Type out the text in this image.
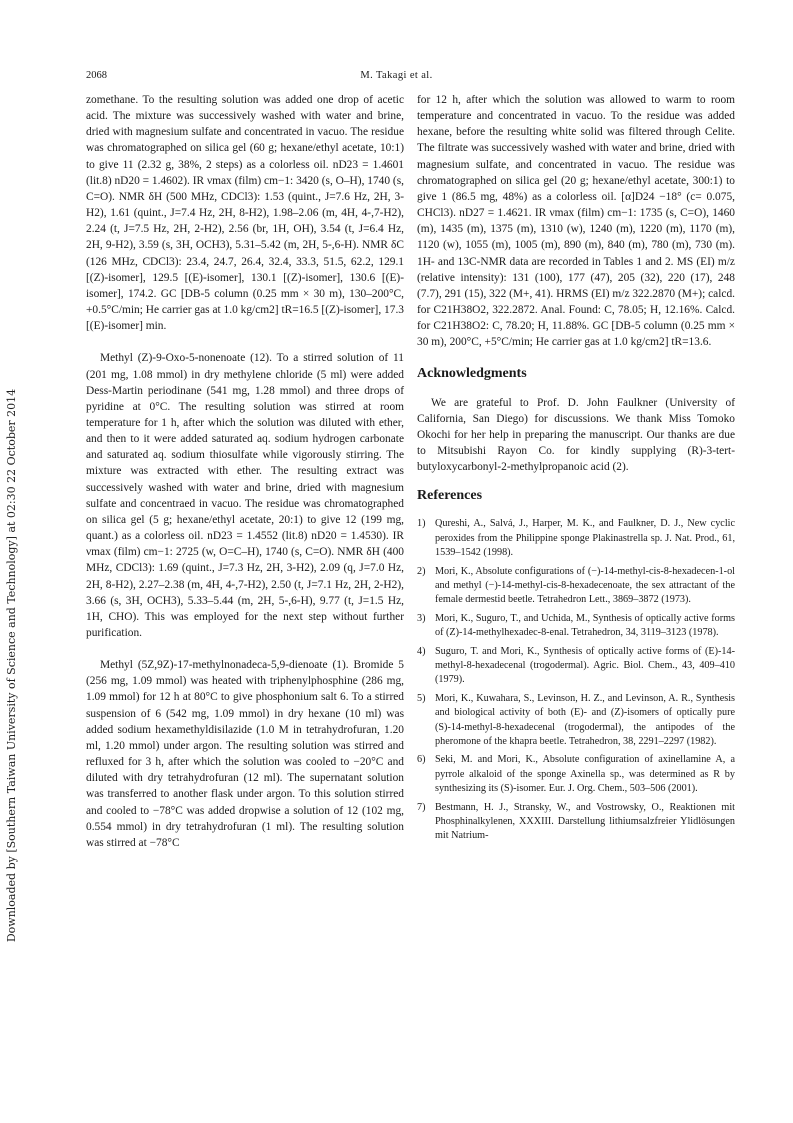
2068	M. Takagi et al.
Downloaded by [Southern Taiwan University of Science and Technology] at 02:30 22 October 2014

zomethane. To the resulting solution was added one drop of acetic acid. The mixture was successively washed with water and brine, dried with magnesium sulfate and concentrated in vacuo. The residue was chromatographed on silica gel (60 g; hexane/ethyl acetate, 10:1) to give 11 (2.32 g, 38%, 2 steps) as a colorless oil. nD23 = 1.4601 (lit.8) nD20 = 1.4602). IR νmax (film) cm−1: 3420 (s, O–H), 1740 (s, C=O). NMR δH (500 MHz, CDCl3): 1.53 (quint., J=7.6 Hz, 2H, 3-H2), 1.61 (quint., J=7.4 Hz, 2H, 8-H2), 1.98–2.06 (m, 4H, 4-,7-H2), 2.24 (t, J=7.5 Hz, 2H, 2-H2), 2.56 (br, 1H, OH), 3.54 (t, J=6.4 Hz, 2H, 9-H2), 3.59 (s, 3H, OCH3), 5.31–5.42 (m, 2H, 5-,6-H). NMR δC (126 MHz, CDCl3): 23.4, 24.7, 26.4, 32.4, 33.3, 51.5, 62.2, 129.1 [(Z)-isomer], 129.5 [(E)-isomer], 130.1 [(Z)-isomer], 130.6 [(E)-isomer], 174.2. GC [DB-5 column (0.25 mm × 30 m), 130–200°C, +0.5°C/min; He carrier gas at 1.0 kg/cm2] tR=16.5 [(Z)-isomer], 17.3 [(E)-isomer] min.

Methyl (Z)-9-Oxo-5-nonenoate (12). To a stirred solution of 11 (201 mg, 1.08 mmol) in dry methylene chloride (5 ml) were added Dess-Martin periodinane (541 mg, 1.28 mmol) and three drops of pyridine at 0°C. The resulting solution was stirred at room temperature for 1 h, after which the solution was diluted with ether, and then to it were added saturated aq. sodium hydrogen carbonate and saturated aq. sodium thiosulfate while vigorously stirring. The mixture was extracted with ether. The resulting extract was successively washed with water and brine, dried with magnesium sulfate and concentraed in vacuo. The residue was chromatographed on silica gel (5 g; hexane/ethyl acetate, 20:1) to give 12 (199 mg, quant.) as a colorless oil. nD23 = 1.4552 (lit.8) nD20 = 1.4530). IR νmax (film) cm−1: 2725 (w, O=C–H), 1740 (s, C=O). NMR δH (400 MHz, CDCl3): 1.69 (quint., J=7.3 Hz, 2H, 3-H2), 2.09 (q, J=7.0 Hz, 2H, 8-H2), 2.27–2.38 (m, 4H, 4-,7-H2), 2.50 (t, J=7.1 Hz, 2H, 2-H2), 3.66 (s, 3H, OCH3), 5.33–5.44 (m, 2H, 5-,6-H), 9.77 (t, J=1.5 Hz, 1H, CHO). This was employed for the next step without further purification.

Methyl (5Z,9Z)-17-methylnonadeca-5,9-dienoate (1). Bromide 5 (256 mg, 1.09 mmol) was heated with triphenylphosphine (286 mg, 1.09 mmol) for 12 h at 80°C to give phosphonium salt 6. To a stirred suspension of 6 (542 mg, 1.09 mmol) in dry hexane (10 ml) was added sodium hexamethyldisilazide (1.0 M in tetrahydrofuran, 1.20 ml, 1.20 mmol) under argon. The resulting solution was stirred and refluxed for 3 h, after which the solution was cooled to −20°C and diluted with dry tetrahydrofuran (12 ml). The supernatant solution was transferred to another flask under argon. To this solution stirred and cooled to −78°C was added dropwise a solution of 12 (102 mg, 0.554 mmol) in dry tetrahydrofuran (1 ml). The resulting solution was stirred at −78°C

for 12 h, after which the solution was allowed to warm to room temperature and concentrated in vacuo. To the residue was added hexane, before the resulting white solid was filtered through Celite. The filtrate was successively washed with water and brine, dried with magnesium sulfate, and concentrated in vacuo. The residue was chromatographed on silica gel (20 g; hexane/ethyl acetate, 300:1) to give 1 (86.5 mg, 48%) as a colorless oil. [α]D24 −18° (c= 0.075, CHCl3). nD27 = 1.4621. IR νmax (film) cm−1: 1735 (s, C=O), 1460 (m), 1435 (m), 1375 (m), 1310 (w), 1240 (m), 1220 (m), 1170 (m), 1120 (w), 1055 (m), 1005 (m), 890 (m), 840 (m), 780 (m), 730 (m). 1H- and 13C-NMR data are recorded in Tables 1 and 2. MS (EI) m/z (relative intensity): 131 (100), 177 (47), 205 (32), 220 (17), 248 (7.7), 291 (15), 322 (M+, 41). HRMS (EI) m/z 322.2870 (M+); calcd. for C21H38O2, 322.2872. Anal. Found: C, 78.05; H, 12.16%. Calcd. for C21H38O2: C, 78.20; H, 11.88%. GC [DB-5 column (0.25 mm × 30 m), 200°C, +5°C/min; He carrier gas at 1.0 kg/cm2] tR=13.6.

Acknowledgments

We are grateful to Prof. D. John Faulkner (University of California, San Diego) for discussions. We thank Miss Tomoko Okochi for her help in preparing the manuscript. Our thanks are due to Mitsubishi Rayon Co. for kindly supplying (R)-3-tert-butyloxycarbonyl-2-methylpropanoic acid (2).

References
1) Qureshi, A., Salvá, J., Harper, M. K., and Faulkner, D. J., New cyclic peroxides from the Philippine sponge Plakinastrella sp. J. Nat. Prod., 61, 1539–1542 (1998).
2) Mori, K., Absolute configurations of (−)-14-methyl-cis-8-hexadecen-1-ol and methyl (−)-14-methyl-cis-8-hexadecenoate, the sex attractant of the female dermestid beetle. Tetrahedron Lett., 3869–3872 (1973).
3) Mori, K., Suguro, T., and Uchida, M., Synthesis of optically active forms of (Z)-14-methylhexadec-8-enal. Tetrahedron, 34, 3119–3123 (1978).
4) Suguro, T. and Mori, K., Synthesis of optically active forms of (E)-14-methyl-8-hexadecenal (trogodermal). Agric. Biol. Chem., 43, 409–410 (1979).
5) Mori, K., Kuwahara, S., Levinson, H. Z., and Levinson, A. R., Synthesis and biological activity of both (E)- and (Z)-isomers of optically pure (S)-14-methyl-8-hexadecenal (trogodermal), the antipodes of the pheromone of the khapra beetle. Tetrahedron, 38, 2291–2297 (1982).
6) Seki, M. and Mori, K., Absolute configuration of axinellamine A, a pyrrole alkaloid of the sponge Axinella sp., was determined as R by synthesizing its (S)-isomer. Eur. J. Org. Chem., 503–506 (2001).
7) Bestmann, H. J., Stransky, W., and Vostrowsky, O., Reaktionen mit Phosphinalkylenen, XXXIII. Darstellung lithiumsalzfreier Ylidlösungen mit Natrium-
